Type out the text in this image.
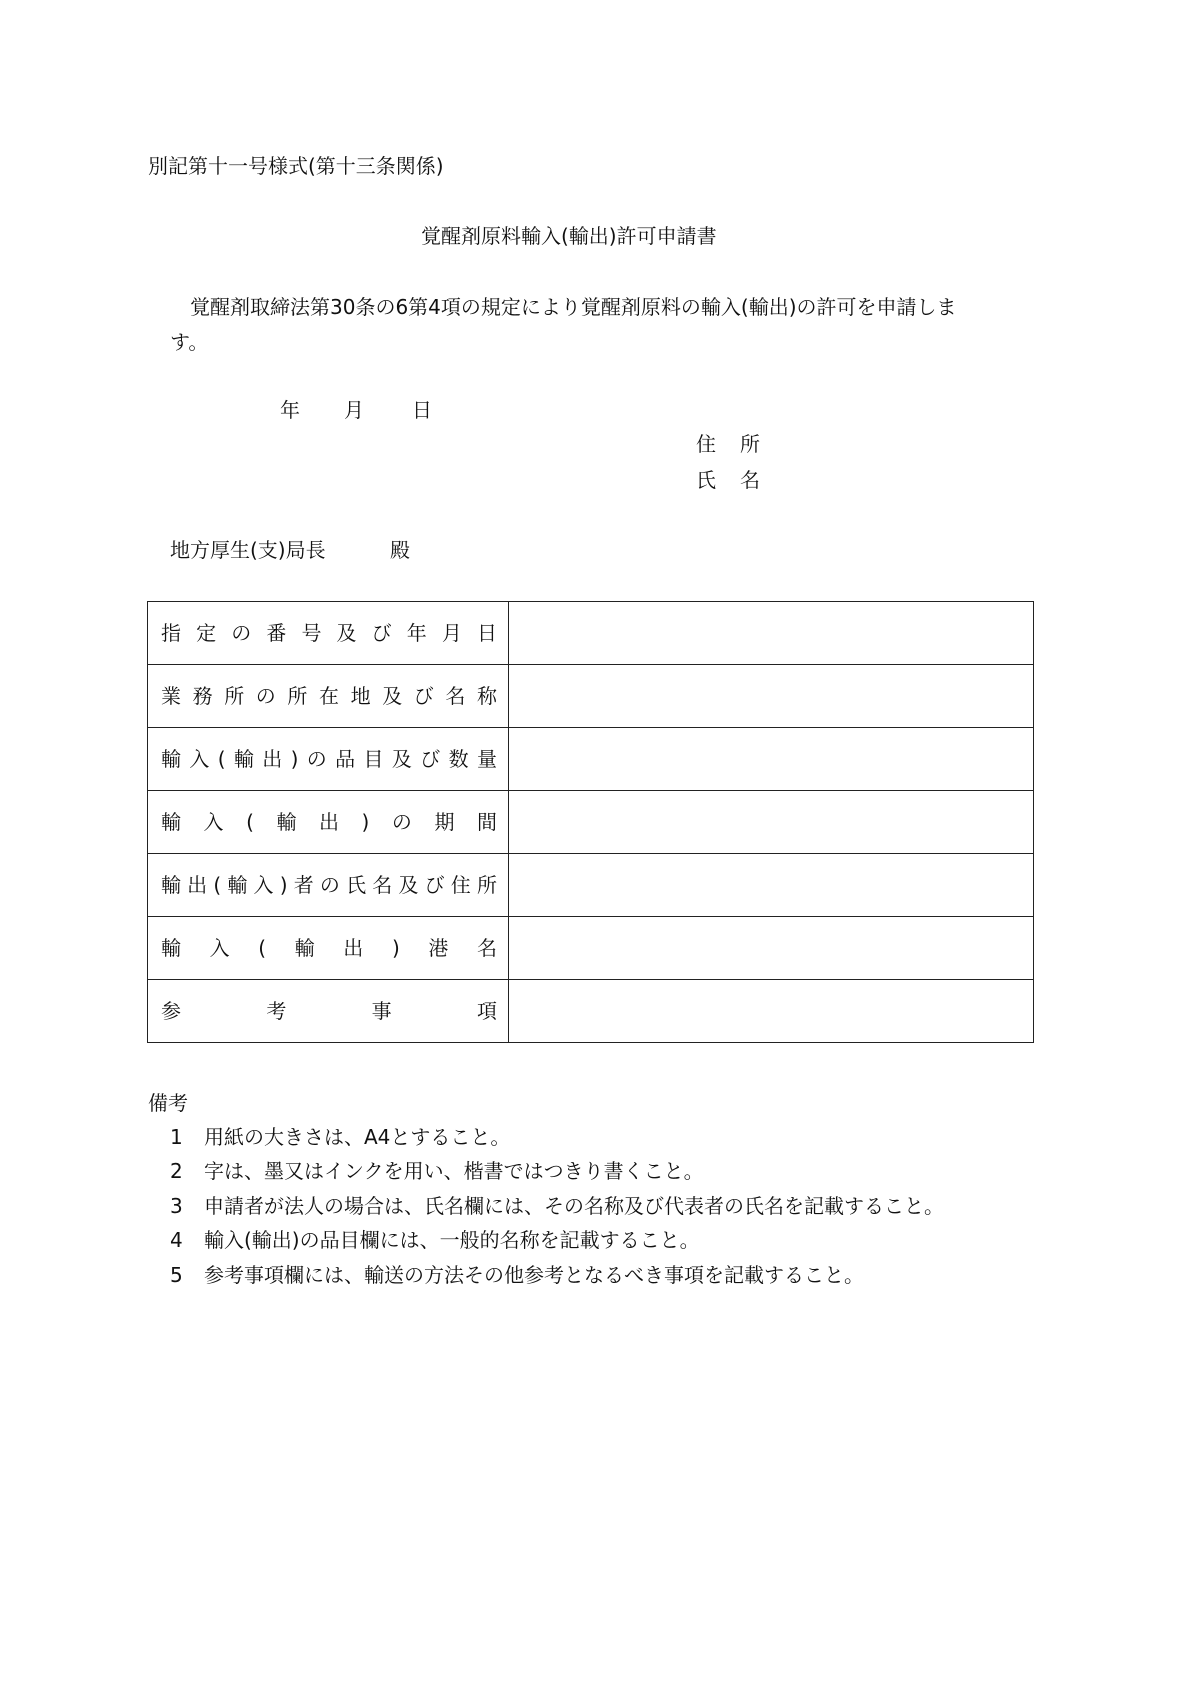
別記第十一号様式(第十三条関係)
覚醒剤原料輸入(輸出)許可申請書
覚醒剤取締法第30条の6第4項の規定により覚醒剤原料の輸入(輸出)の許可を申請しま
す。
年 月 日
住所
氏名
地方厚生(支)局長	殿
指定の番号及び年月日	

業務所の所在地及び名称	

輸入(輸出)の品目及び数量	

輸入(輸出)の期間	

輸出(輸入)者の氏名及び住所	

輸入(輸出)港名	

参考事項	

備考
1 用紙の大きさは、A4とすること。
2 字は、墨又はインクを用い、楷書ではつきり書くこと。
3 申請者が法人の場合は、氏名欄には、その名称及び代表者の氏名を記載すること。
4 輸入(輸出)の品目欄には、一般的名称を記載すること。
5 参考事項欄には、輸送の方法その他参考となるべき事項を記載すること。
